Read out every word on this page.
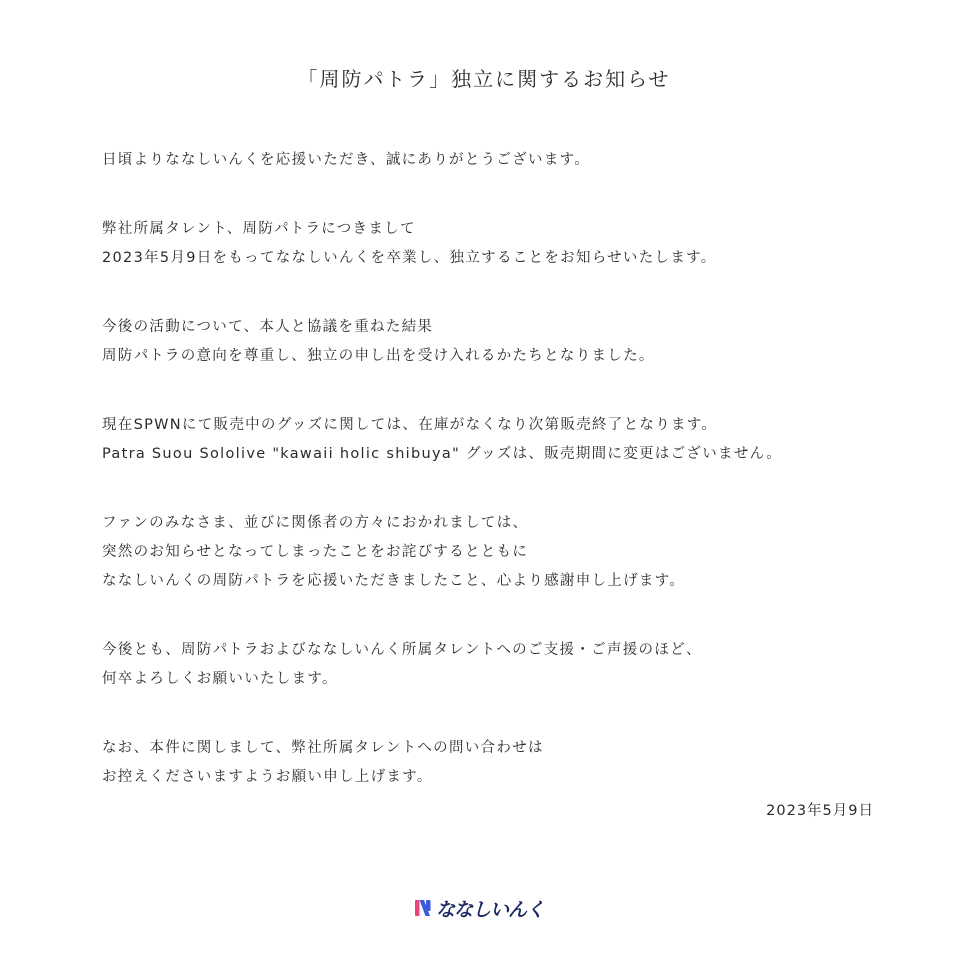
「周防パトラ」独立に関するお知らせ
日頃よりななしいんくを応援いただき、誠にありがとうございます。
弊社所属タレント、周防パトラにつきまして
2023年5月9日をもってななしいんくを卒業し、独立することをお知らせいたします。
今後の活動について、本人と協議を重ねた結果
周防パトラの意向を尊重し、独立の申し出を受け入れるかたちとなりました。
現在SPWNにて販売中のグッズに関しては、在庫がなくなり次第販売終了となります。
Patra Suou Sololive "kawaii holic shibuya" グッズは、販売期間に変更はございません。
ファンのみなさま、並びに関係者の方々におかれましては、
突然のお知らせとなってしまったことをお詫びするとともに
ななしいんくの周防パトラを応援いただきましたこと、心より感謝申し上げます。
今後とも、周防パトラおよびななしいんく所属タレントへのご支援・ご声援のほど、
何卒よろしくお願いいたします。
なお、本件に関しまして、弊社所属タレントへの問い合わせは
お控えくださいますようお願い申し上げます。
2023年5月9日
ななしいんく
